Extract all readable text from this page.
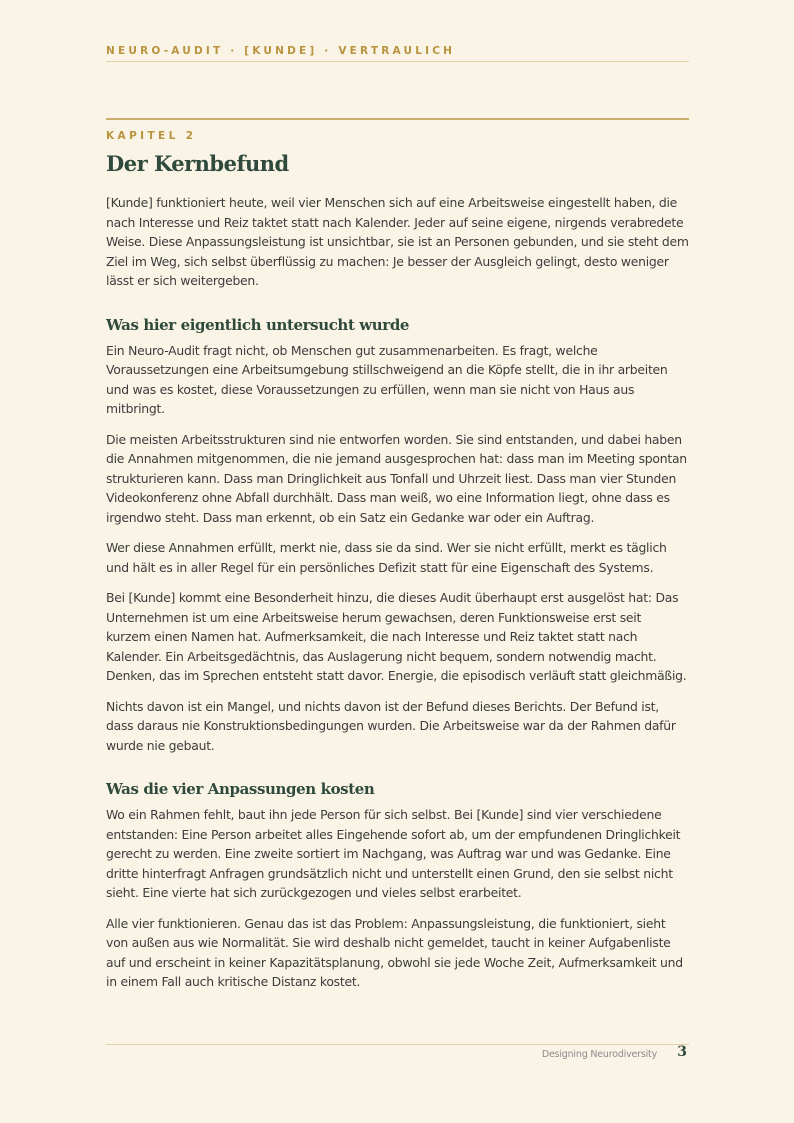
NEURO-AUDIT · [KUNDE] · VERTRAULICH
KAPITEL 2
Der Kernbefund

[Kunde] funktioniert heute, weil vier Menschen sich auf eine Arbeitsweise eingestellt haben, die nach Interesse und Reiz taktet statt nach Kalender. Jeder auf seine eigene, nirgends verabredete Weise. Diese Anpassungsleistung ist unsichtbar, sie ist an Personen gebunden, und sie steht dem Ziel im Weg, sich selbst überflüssig zu machen: Je besser der Ausgleich gelingt, desto weniger lässt er sich weitergeben.

Was hier eigentlich untersucht wurde

Ein Neuro-Audit fragt nicht, ob Menschen gut zusammenarbeiten. Es fragt, welche Voraussetzungen eine Arbeitsumgebung stillschweigend an die Köpfe stellt, die in ihr arbeiten und was es kostet, diese Voraussetzungen zu erfüllen, wenn man sie nicht von Haus aus mitbringt.

Die meisten Arbeitsstrukturen sind nie entworfen worden. Sie sind entstanden, und dabei haben die Annahmen mitgenommen, die nie jemand ausgesprochen hat: dass man im Meeting spontan strukturieren kann. Dass man Dringlichkeit aus Tonfall und Uhrzeit liest. Dass man vier Stunden Videokonferenz ohne Abfall durchhält. Dass man weiß, wo eine Information liegt, ohne dass es irgendwo steht. Dass man erkennt, ob ein Satz ein Gedanke war oder ein Auftrag.

Wer diese Annahmen erfüllt, merkt nie, dass sie da sind. Wer sie nicht erfüllt, merkt es täglich und hält es in aller Regel für ein persönliches Defizit statt für eine Eigenschaft des Systems.

Bei [Kunde] kommt eine Besonderheit hinzu, die dieses Audit überhaupt erst ausgelöst hat: Das Unternehmen ist um eine Arbeitsweise herum gewachsen, deren Funktionsweise erst seit kurzem einen Namen hat. Aufmerksamkeit, die nach Interesse und Reiz taktet statt nach Kalender. Ein Arbeitsgedächtnis, das Auslagerung nicht bequem, sondern notwendig macht. Denken, das im Sprechen entsteht statt davor. Energie, die episodisch verläuft statt gleichmäßig.

Nichts davon ist ein Mangel, und nichts davon ist der Befund dieses Berichts. Der Befund ist, dass daraus nie Konstruktionsbedingungen wurden. Die Arbeitsweise war da der Rahmen dafür wurde nie gebaut.

Was die vier Anpassungen kosten

Wo ein Rahmen fehlt, baut ihn jede Person für sich selbst. Bei [Kunde] sind vier verschiedene entstanden: Eine Person arbeitet alles Eingehende sofort ab, um der empfundenen Dringlichkeit gerecht zu werden. Eine zweite sortiert im Nachgang, was Auftrag war und was Gedanke. Eine dritte hinterfragt Anfragen grundsätzlich nicht und unterstellt einen Grund, den sie selbst nicht sieht. Eine vierte hat sich zurückgezogen und vieles selbst erarbeitet.

Alle vier funktionieren. Genau das ist das Problem: Anpassungsleistung, die funktioniert, sieht von außen aus wie Normalität. Sie wird deshalb nicht gemeldet, taucht in keiner Aufgabenliste auf und erscheint in keiner Kapazitätsplanung, obwohl sie jede Woche Zeit, Aufmerksamkeit und in einem Fall auch kritische Distanz kostet.

Designing Neurodiversity 3
